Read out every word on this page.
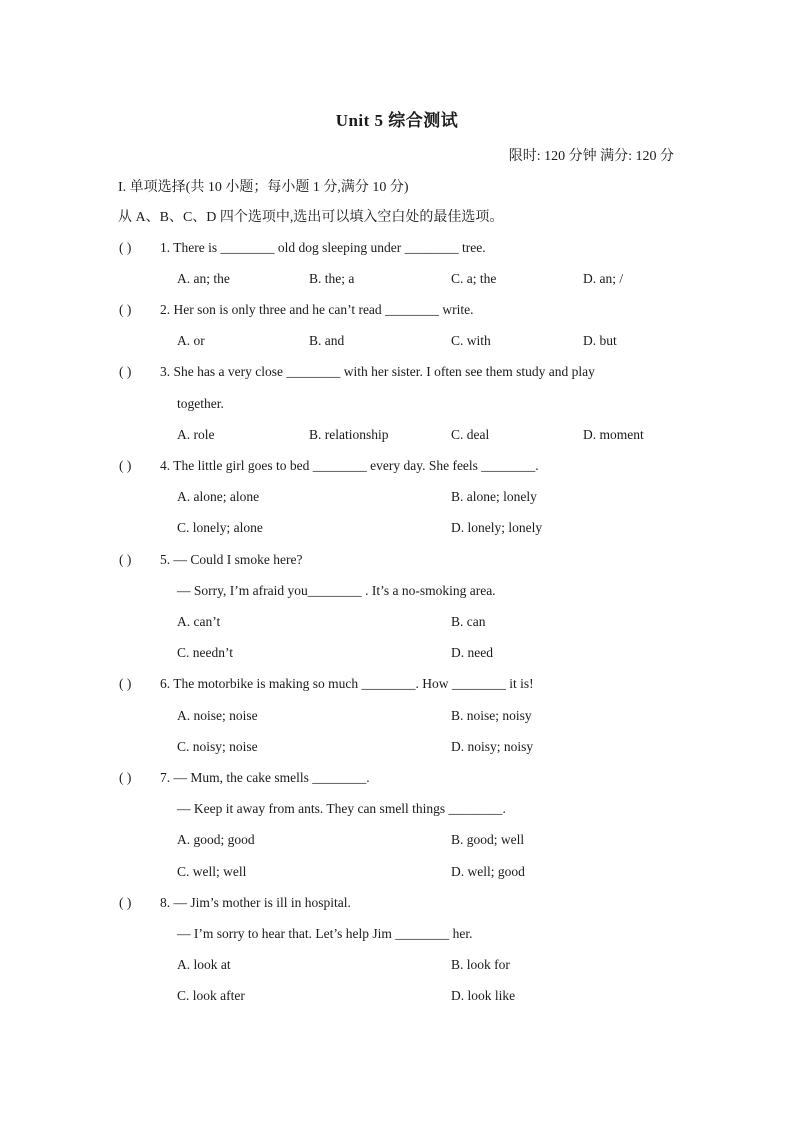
Unit 5 综合测试
限时: 120 分钟 满分: 120 分
I. 单项选择(共 10 小题；每小题 1 分,满分 10 分)
从 A、B、C、D 四个选项中,选出可以填入空白处的最佳选项。
( )	1. There is ________ old dog sleeping under ________ tree.
A. an; the	B. the; a	C. a; the	D. an; /
( )	2. Her son is only three and he can’t read ________ write.
A. or	B. and	C. with	D. but
( )	3. She has a very close ________ with her sister. I often see them study and play
together.
A. role	B. relationship	C. deal	D. moment
( )	4. The little girl goes to bed ________ every day. She feels ________.
A. alone; alone	B. alone; lonely
C. lonely; alone	D. lonely; lonely
( )	5. — Could I smoke here?
— Sorry, I’m afraid you________ . It’s a no-smoking area.
A. can’t	B. can
C. needn’t	D. need
( )	6. The motorbike is making so much ________. How ________ it is!
A. noise; noise	B. noise; noisy
C. noisy; noise	D. noisy; noisy
( )	7. — Mum, the cake smells ________.
— Keep it away from ants. They can smell things ________.
A. good; good	B. good; well
C. well; well	D. well; good
( )	8. — Jim’s mother is ill in hospital.
— I’m sorry to hear that. Let’s help Jim ________ her.
A. look at	B. look for
C. look after	D. look like
